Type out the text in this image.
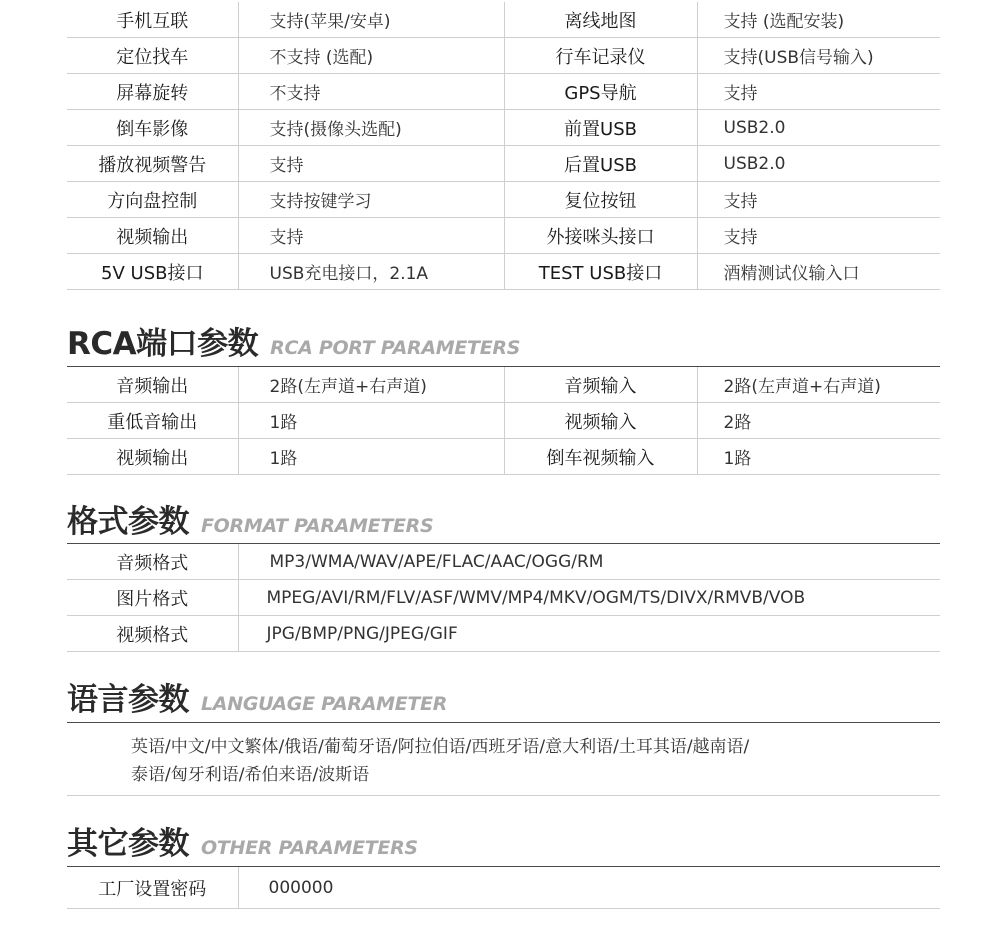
手机互联	支持(苹果/安卓)	离线地图	支持 (选配安装)
定位找车	不支持 (选配)	行车记录仪	支持(USB信号输入)
屏幕旋转	不支持	GPS导航	支持
倒车影像	支持(摄像头选配)	前置USB	USB2.0
播放视频警告	支持	后置USB	USB2.0
方向盘控制	支持按键学习	复位按钮	支持
视频输出	支持	外接咪头接口	支持
5V USB接口	USB充电接口，2.1A	TEST USB接口	酒精测试仪输入口
RCA端口参数 RCA PORT PARAMETERS
音频输出	2路(左声道+右声道)	音频输入	2路(左声道+右声道)
重低音输出	1路	视频输入	2路
视频输出	1路	倒车视频输入	1路
格式参数 FORMAT PARAMETERS
音频格式	MP3/WMA/WAV/APE/FLAC/AAC/OGG/RM
图片格式	MPEG/AVI/RM/FLV/ASF/WMV/MP4/MKV/OGM/TS/DIVX/RMVB/VOB
视频格式	JPG/BMP/PNG/JPEG/GIF
语言参数 LANGUAGE PARAMETER
英语/中文/中文繁体/俄语/葡萄牙语/阿拉伯语/西班牙语/意大利语/土耳其语/越南语/
泰语/匈牙利语/希伯来语/波斯语
其它参数 OTHER PARAMETERS
工厂设置密码	000000
